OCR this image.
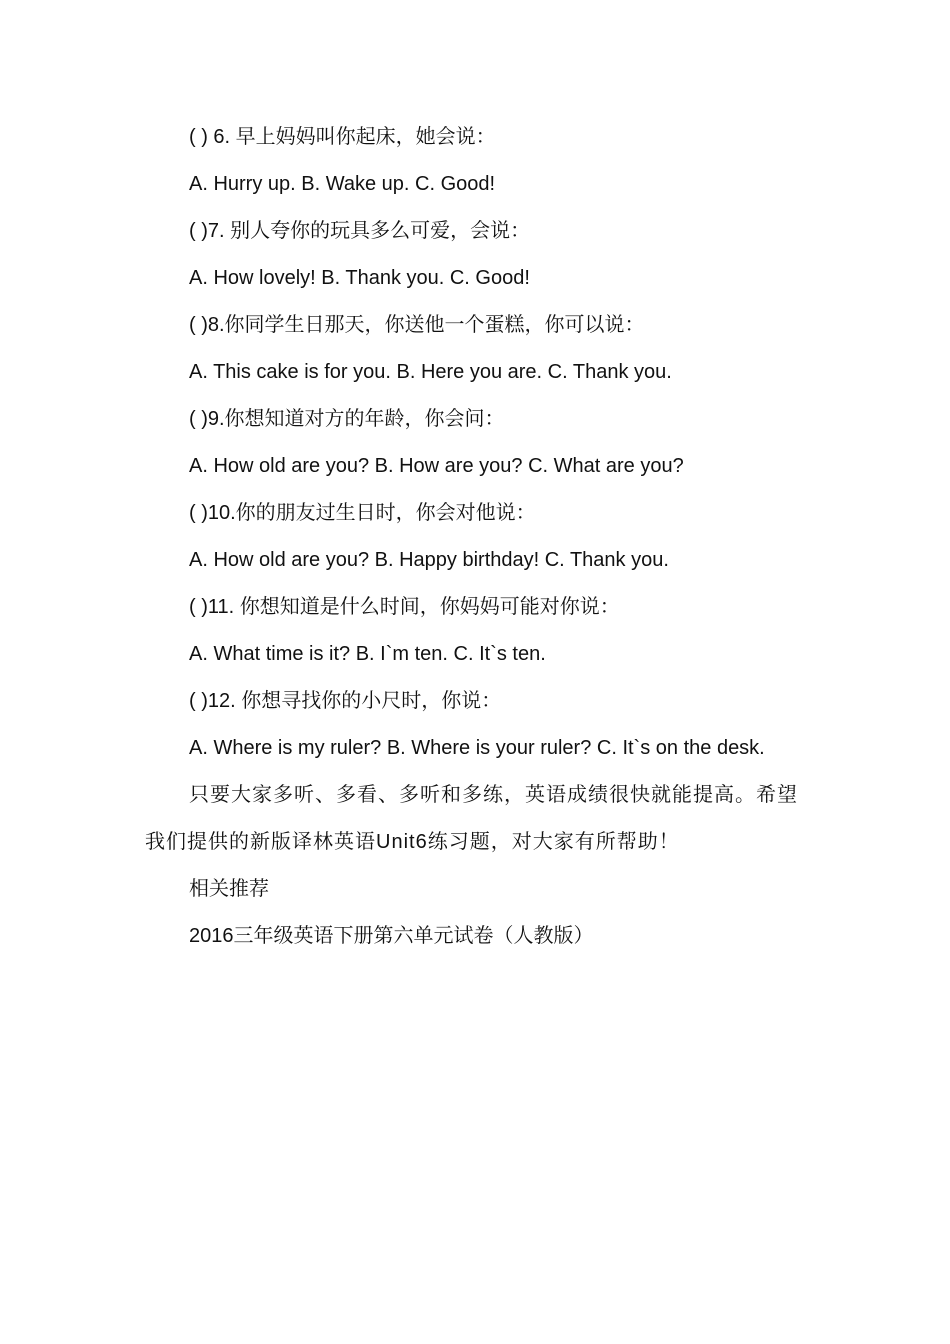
( ) 6. 早上妈妈叫你起床，她会说：
A. Hurry up. B. Wake up. C. Good!
( )7. 别人夸你的玩具多么可爱，会说：
A. How lovely! B. Thank you. C. Good!
( )8.你同学生日那天，你送他一个蛋糕，你可以说：
A. This cake is for you. B. Here you are. C. Thank you.
( )9.你想知道对方的年龄，你会问：
A. How old are you? B. How are you? C. What are you?
( )10.你的朋友过生日时，你会对他说：
A. How old are you? B. Happy birthday! C. Thank you.
( )11. 你想知道是什么时间，你妈妈可能对你说：
A. What time is it? B. I`m ten. C. It`s ten.
( )12. 你想寻找你的小尺时，你说：
A. Where is my ruler? B. Where is your ruler? C. It`s on the desk.

只要大家多听、多看、多听和多练，英语成绩很快就能提高。希望我们提供的新版译林英语Unit6练习题，对大家有所帮助！

相关推荐
2016三年级英语下册第六单元试卷（人教版）
